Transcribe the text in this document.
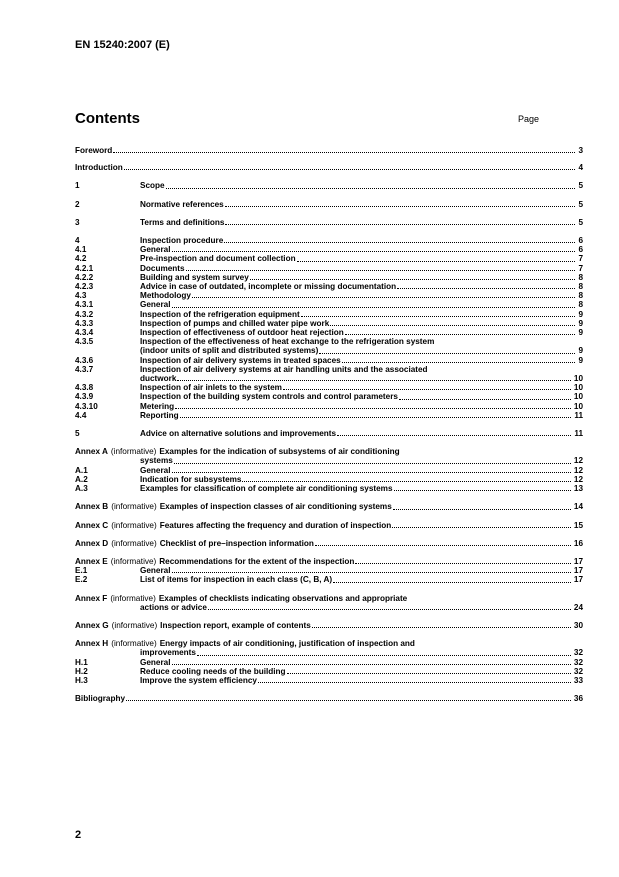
EN 15240:2007 (E)
Contents	Page
Foreword	3
Introduction	4
1	Scope	5
2	Normative references	5
3	Terms and definitions	5
4	Inspection procedure	6
4.1	General	6
4.2	Pre-inspection and document collection	7
4.2.1	Documents	7
4.2.2	Building and system survey	8
4.2.3	Advice in case of outdated, incomplete or missing documentation	8
4.3	Methodology	8
4.3.1	General	8
4.3.2	Inspection of the refrigeration equipment	9
4.3.3	Inspection of pumps and chilled water pipe work	9
4.3.4	Inspection of effectiveness of outdoor heat rejection	9
4.3.5	Inspection of the effectiveness of heat exchange to the refrigeration system
(indoor units of split and distributed systems)	9
4.3.6	Inspection of air delivery systems in treated spaces	9
4.3.7	Inspection of air delivery systems at air handling units and the associated
ductwork	10
4.3.8	Inspection of air inlets to the system	10
4.3.9	Inspection of the building system controls and control parameters	10
4.3.10	Metering	10
4.4	Reporting	11
5	Advice on alternative solutions and improvements	11
Annex A (informative) Examples for the indication of subsystems of air conditioning
systems	12
A.1	General	12
A.2	Indication for subsystems	12
A.3	Examples for classification of complete air conditioning systems	13
Annex B (informative) Examples of inspection classes of air conditioning systems	14
Annex C (informative) Features affecting the frequency and duration of inspection	15
Annex D (informative) Checklist of pre–inspection information	16
Annex E (informative) Recommendations for the extent of the inspection	17
E.1	General	17
E.2	List of items for inspection in each class (C, B, A)	17
Annex F (informative) Examples of checklists indicating observations and appropriate
actions or advice	24
Annex G (informative) Inspection report, example of contents	30
Annex H (informative) Energy impacts of air conditioning, justification of inspection and
improvements	32
H.1	General	32
H.2	Reduce cooling needs of the building	32
H.3	Improve the system efficiency	33
Bibliography	36
2
